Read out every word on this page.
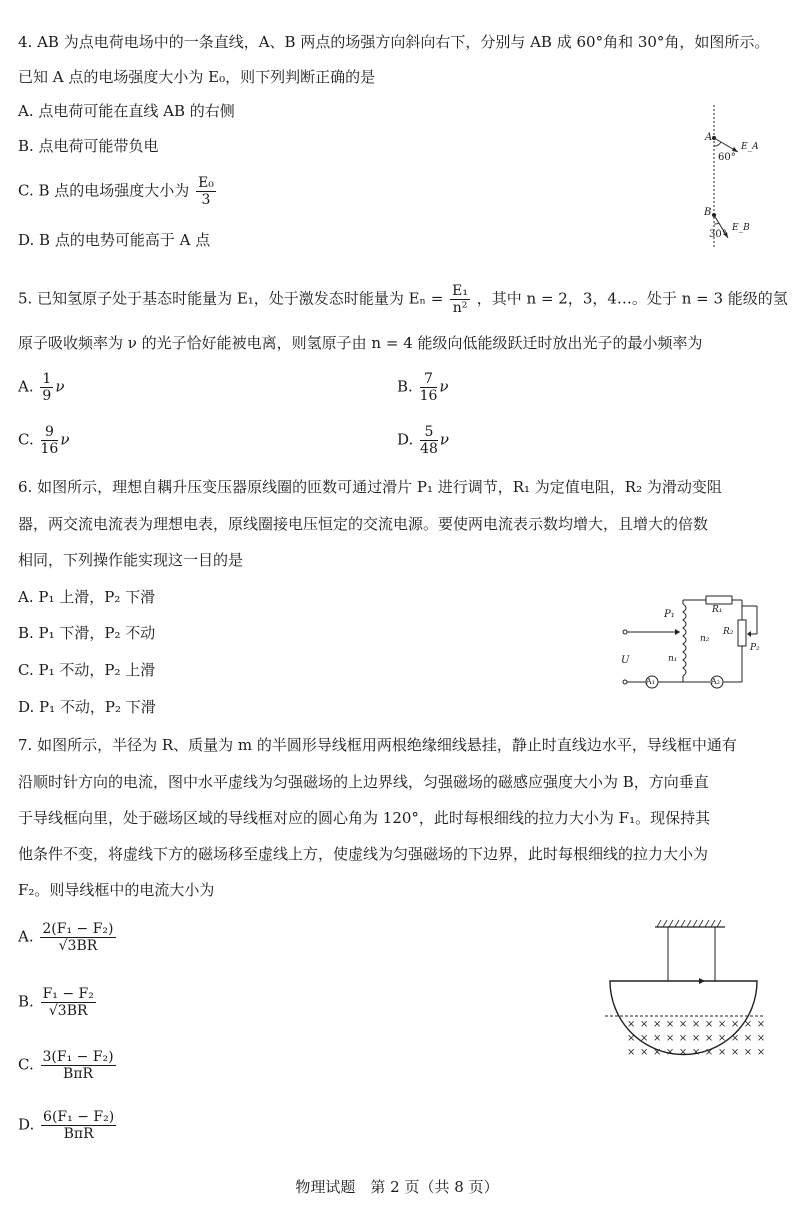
4. AB 为点电荷电场中的一条直线，A、B 两点的场强方向斜向右下，分别与 AB 成 60°角和 30°角，如图所示。
已知 A 点的电场强度大小为 E₀，则下列判断正确的是
A. 点电荷可能在直线 AB 的右侧
B. 点电荷可能带负电
C. B 点的电场强度大小为 $\frac{\text{E₀}}{3}$
D. B 点的电势可能高于 A 点
A
60°
E_A
B
30°
E_B
5. 已知氢原子处于基态时能量为 E₁，处于激发态时能量为 $E_n = \frac{\text{E₁}}{\text{n²}}$ ，其中 n = 2，3，4…。处于 n = 3 能级的氢
原子吸收频率为 ν 的光子恰好能被电离，则氢原子由 n = 4 能级向低能级跃迁时放出光子的最小频率为
A. $\frac{1}{9}$ ν	B. $\frac{7}{16}$ ν
C. $\frac{9}{16}$ ν	D. $\frac{5}{48}$ ν
6. 如图所示，理想自耦升压变压器原线圈的匝数可通过滑片 P₁ 进行调节，R₁ 为定值电阻，R₂ 为滑动变阻
器，两交流电流表为理想电表，原线圈接电压恒定的交流电源。要使两电流表示数均增大，且增大的倍数
相同，下列操作能实现这一目的是
A. P₁ 上滑，P₂ 下滑
B. P₁ 下滑，P₂ 不动
C. P₁ 不动，P₂ 上滑
D. P₁ 不动，P₂ 下滑
P₁	R₁
R₂
P₂
n₂
n₁
U
A₁	A₂
7. 如图所示，半径为 R、质量为 m 的半圆形导线框用两根绝缘细线悬挂，静止时直线边水平，导线框中通有
沿顺时针方向的电流，图中水平虚线为匀强磁场的上边界线，匀强磁场的磁感应强度大小为 B，方向垂直
于导线框向里，处于磁场区域的导线框对应的圆心角为 120°，此时每根细线的拉力大小为 F₁。现保持其
他条件不变，将虚线下方的磁场移至虚线上方，使虚线为匀强磁场的下边界，此时每根细线的拉力大小为
F₂。则导线框中的电流大小为
A. $\frac{\text{2(F₁ − F₂)}}{√3BR}$
B. $\frac{\text{F₁ − F₂}}{√3BR}$
C. $\frac{\text{3(F₁ − F₂)}}{\text{BπR}}$
D. $\frac{\text{6(F₁ − F₂)}}{\text{BπR}}$
×××××××××××
×××××××××××
×××××××××××
物理试题　第 2 页（共 8 页）
